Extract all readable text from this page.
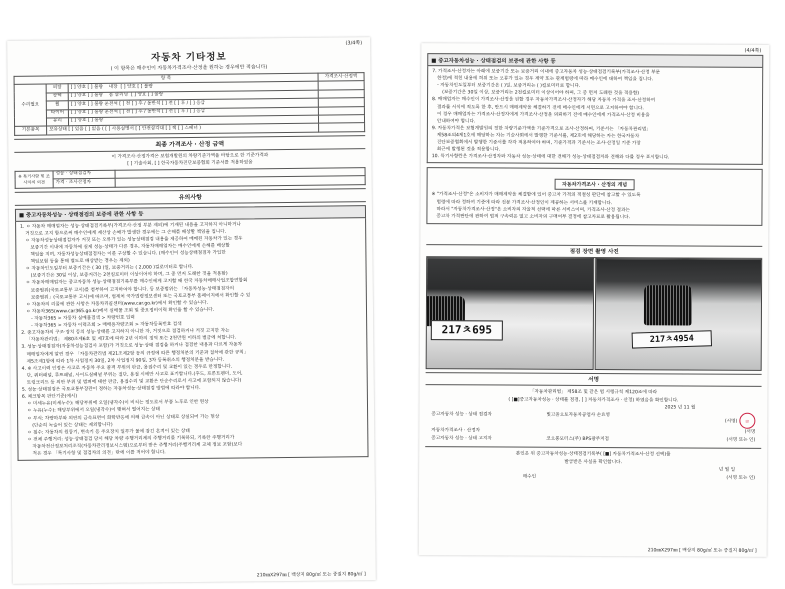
(3/4쪽)
자동차 기타정보
( 이 항목은 매수인이 자동차가격조사·산정을 원하는 경우에만 적습니다)
항 목			가격조사·산정액
수리필요	외장	[ ] 양호 [ ] 불량 내장 [ ] 양호 [ ] 불량	
	광택	[ ] 양호 [ ] 불량 룸 클리닝 [ ] 양호 [ ] 불량	
	휠	[ ] 양호 [ ] 불량 운전석 [ ] 전 [ ] 후 / 동반석 [ ] 전 [ ] 후 / [ ] 응급	
	타이어	[ ] 양호 [ ] 불량 운전석 [ ] 전 [ ] 후 / 동반석 [ ] 전 [ ] 후 / [ ] 응급	
	유리	[ ] 양호 [ ] 불량	
기본품목	보유상태 [ ] 있음 [ ] 없음 ( [ ] 사용설명서 [ ] 안전삼각대 [ ] 잭 [ ] 스패너 )		
최종 가격조사 · 산정 금액
이 가격조사·산정가격은 보험개발원의 차량기준가액을 바탕으로 한 기준가격과
[ ] 기술사회, [ ] 한국자동차진단보증협회 기준서를 적용하였음
※ 특기사항 및 조사자의 의견	성능 · 상태점검자	
	가격 · 조사산정자	
유의사항
■ 중고자동차성능 · 상태점검의 보증에 관한 사항 등
1. ㅇ 자동차 매매업자는 성능·상태점검기록부(가격조사·산정 부분 제외)에 기재된 내용을 고지하지 아니하거나
거짓으로 고지 함으로써 매수인에게 재산상 손해가 발생한 경우에는 그 손해를 배상할 책임을 집니다.
ㅇ 자동차성능상태점검자가 거짓 또는 오류가 있는 성능상태점검 내용을 제공하여 매매된 자동차가 있는 경우
보증기간 이내에 자동차에 실제 성능·상태가 다른 경우, 자동차매매업자는 매수인에게 손해를 배상할
책임을 지며, 자동차성능상태점검자는 이를 구상할 수 있습니다. (매수인이 성능상태점검자 가입한
책임보험 등을 통해 별도로 배상받는 경우는 제외)
ㅇ 자동차인도일부터 보증기간은 ( 30 )일, 보증거리는 ( 2,000 )킬로미터로 합니다.
(보증기간은 30일 이상, 보증거리는 2천킬로미터 이상이어야 하며, 그 중 먼저 도래한 것을 적용함)
ㅇ 자동차매매업자는 중고자동차 성능·상태점검기록부를 매수인에게 고지할 때 한국 자동차매매사업조합연합회
보증범위(국토교통부 고시)를 첨부하여 고지하여야 합니다. 등 보증범위는 「자동차성능·상태점검자의
보증범위」(국토교통부 고시)에 따르며, 법제처 국가법령정보센터 또는 국토교통부 홈페이지에서 확인할 수 있
ㅇ 자동차의 리콜에 관한 사항은 자동차리콜센터(www.car.go.kr)에서 확인할 수 있습니다.
ㅇ 자동차365(www.car365.go.kr)에서 실매물 조회 및 중요정비이력 확인을 할 수 있습니다.
- 자동차365 > 자동차 실매물검색 > 차량번호 입력
- 자동차365 > 자동차 이력조회 > 매매용자량조회 > 자동차등록번호 검색
2. 중고자동차의 구조·장치 등의 성능·상태를 고지하지 아니한 자, 거짓으로 점검하거나 거짓 고지한 자는
「자동차관리법」 제80조제6호 및 제7호에 따라 2년 이하의 징역 또는 2천만원 이하의 벌금에 처합니다.
3. 성능·상태점검자(자동차성능점검사 포함)가 거짓으로 성능·상태 점검을 하거나 점검한 내용과 다르게 자동차
매매업자에게 알린 경우 「자동차관리법 제21조제2항 등의 규정에 따른 행정처분의 기준과 절차에 관한 규칙」
제5조제1항에 따라 1차 사업정지 30일, 2차 사업정지 90일, 3차 등록취소의 행정처분을 받습니다.
4. ※ 사고이력 인정은 사고로 자동차 주요 골격 부위의 판금, 용접수리 및 교환이 있는 경우로 한정합니다.
단, 쿼터패널, 루프패널, 사이드실패널 부위는 절단, 용접 시에만 사고로 표기합니다.(후드, 프론트펜더, 도어,
트렁크리드 등 외판 부위 및 범퍼에 대한 판금, 용접수리 및 교환은 단순수리로서 사고에 포함되지 않습니다)
5. 성능·상태점검은 국토교통부장관이 정하는 자동차성능·상태점검 방법에 따라야 합니다.
6. 체크항목 판단기준(예시)
ㅇ 미세누유(미세누수): 해당부위에 오일(냉각수)이 비치는 정도로서 부품 노후로 인한 현상
ㅇ 누유(누수): 해당부위에서 오일(냉각수)이 맺혀서 떨어지는 상태
ㅇ 부식: 차량하부와 외판의 금속표면이 화학반응에 의해 금속이 아닌 상태로 상실되어 가는 현상
(단순히 녹슬어 있는 상태는 제외합니다)
ㅇ 침수: 자동차의 원동기, 변속기 등 주요장치 일부가 물에 잠긴 흔적이 있는 상태
ㅇ 전체 주행거리: 성능·상태점검 당시 해당 차량 주행거리계의 주행거리를 기록하되, 기록한 주행거리가
자동차전산정보처리조직(자동차관리정보시스템)으로부터 받은 주행거리(주행거리계 교체 정보 포함)보다
적은 경우 「특기사항 및 점검자의 의견」란에 이를 적어야 합니다.
210㎜X297㎜ [ 백상지 80g/㎡ 또는 중질지 80g/㎡ ]
(4/4쪽)
■ 중고자동차성능 · 상태점검의 보증에 관한 사항 등
7. 가격조사·산정자는 아래에 보증기간 또는 보증거리 이내에 중고자동차 성능·상태점검기록부(가격조사·산정 부문
한정)에 적힌 내용에 허위 또는 오류가 있는 경우 계약 또는 관계법령에 따라 매수인에 대하여 책임을 집니다.
- 자동차인도일부터 보증기간은 ( )일, 보증거리는 ( )킬로미터로 합니다.
(보증기간은 30일 이상, 보증거리는 2천킬로미터 이상이어야 하며, 그 중 먼저 도래한 것을 적용함)
8. 매매업자는 매수인이 가격조사·산정을 원할 경우 자동차가격조사·산정자가 해당 자동차 가격을 조사·산정하여
결과를 서식에 적도록 한 후, 반드시 매매계약을 체결하기 전에 매수인에게 서면으로 고지하여야 합니다.
이 경우 매매업자는 가격조사·산정자에게 가격조사·산정을 의뢰하기 전에 매수인에게 가격조사·산정 비용을
안내하여야 합니다.
9. 자동차가격은 보험개발원의 정한 차량기준가액을 기준가격으로 조사·산정하며, 기준서는 「자동차관리법」
제58조의4제1호에 해당하는 자는 기술사회에서 발행한 기준서를, 제2호에 해당하는 자는 한국자동차
진단보증협회에서 발행한 기준서를 각각 적용하여야 하며, 기준가격과 기준서는 조사·산정일 기준 가장
최근에 발행된 것을 적용합니다.
10. 특기사항란은 가격조사·산정자와 자동차 성능·상태에 대한 견해가 성능·상태점검자와 견해와 다를 경우 표시합니다.
자동차가격조사 · 산정의 개념
※ "가격조사·산정"은 소비자가 매매계약을 체결함에 있어 중고차 가격의 적절성 판단에 참고할 수 있도록
법령에 따라 정하여 기준에 따라 전문 가격조사·산정인이 제공하는 서비스를 기재합니다.
따라서 "자동차가격조사·산정"은 소비자의 자율적 선택에 따른 서비스이며, 가격조사·산정 결과는
중고차 가격판단에 관하여 법적 구속력은 없고 소비자의 구매여부 결정에 참고자료로 활용됩니다.
점검 장면 촬영 사진
217ㅊ695
217ㅊ4954
서명
「자동차관리법」 제58조 및 같은 법 시행규칙 제120조에 따라
( [■]중고자동차성능 · 상태를 점검, [ ] 자동차가격조사 · 산정) 하였음을 확인합니다.
2025 년 11 월
중고자동차 성능 · 상태 점검자	빛고을오토자동차공업사 손효영
(서명) 印
자동차가격조사 · 산정자	(서명
중고자동차 성능 · 상태 고지자	코오롱모터스(주) BPS광주지점	(서명 또는 인)
본인은 위 중고자동차성능·상태점검기록부( [■] 자동차가격조사·산정 선택)를
발급받은 사실을 확인합니다.
년 월 일
매수인	(서명 또는 인)
210㎜X297㎜ [ 백상지 80g/㎡ 또는 중질지 80g/㎡ ]
